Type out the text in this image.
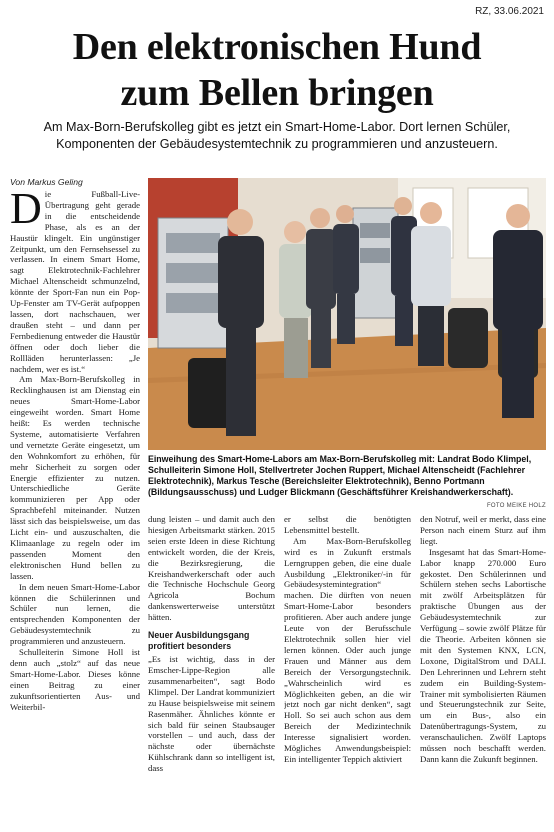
RZ, 33.06.2021
Den elektronischen Hund
zum Bellen bringen
Am Max-Born-Berufskolleg gibt es jetzt ein Smart-Home-Labor. Dort lernen Schüler,
Komponenten der Gebäudesystemtechnik zu programmieren und anzusteuern.
Von Markus Geling

Die Fußball-Live-Übertragung geht gerade in die entscheidende Phase, als es an der Haustür klingelt. Ein ungünstiger Zeitpunkt, um den Fernsehsessel zu verlassen. In einem Smart Home, sagt Elektrotechnik-Fachlehrer Michael Altenscheidt schmunzelnd, könnte der Sport-Fan nun ein Pop-Up-Fenster am TV-Gerät aufpoppen lassen, dort nachschauen, wer draußen steht – und dann per Fernbedienung entweder die Haustür öffnen oder doch lieber die Rollläden herunterlassen: „Je nachdem, wer es ist.“

Am Max-Born-Berufskolleg in Recklinghausen ist am Dienstag ein neues Smart-Home-Labor eingeweiht worden. Smart Home heißt: Es werden technische Systeme, automatisierte Verfahren und vernetzte Geräte eingesetzt, um den Wohnkomfort zu erhöhen, für mehr Sicherheit zu sorgen oder Energie effizienter zu nutzen. Unterschiedliche Geräte kommunizieren per App oder Sprachbefehl miteinander. Nutzen lässt sich das beispielsweise, um das Licht ein- und auszuschalten, die Klimaanlage zu regeln oder im passenden Moment den elektronischen Hund bellen zu lassen.

In dem neuen Smart-Home-Labor können die Schülerinnen und Schüler nun lernen, die entsprechenden Komponenten der Gebäudesystemtechnik zu programmieren und anzusteuern.

Schulleiterin Simone Holl ist denn auch „stolz“ auf das neue Smart-Home-Labor. Dieses könne einen Beitrag zu einer zukunftsorientierten Aus- und Weiterbil-

Einweihung des Smart-Home-Labors am Max-Born-Berufskolleg mit: Landrat Bodo Klimpel, Schulleiterin Simone Holl, Stellvertreter Jochen Ruppert, Michael Altenscheidt (Fachlehrer Elektrotechnik), Markus Tesche (Bereichsleiter Elektrotechnik), Benno Portmann (Bildungsausschuss) und Ludger Blickmann (Geschäftsführer Kreishandwerkerschaft).
FOTO MEIKE HOLZ

dung leisten – und damit auch den hiesigen Arbeitsmarkt stärken. 2015 seien erste Ideen in diese Richtung entwickelt worden, die der Kreis, die Bezirksregierung, die Kreishandwerkerschaft oder auch die Technische Hochschule Georg Agricola Bochum dankenswerterweise unterstützt hätten.

Neuer Ausbildungsgang profitiert besonders

„Es ist wichtig, dass in der Emscher-Lippe-Region alle zusammenarbeiten“, sagt Bodo Klimpel. Der Landrat kommuniziert zu Hause beispielsweise mit seinem Rasenmäher. Ähnliches könnte er sich bald für seinen Staubsauger vorstellen – und auch, dass der nächste oder übernächste Kühlschrank dann so intelligent ist, dass

er selbst die benötigten Lebensmittel bestellt.

Am Max-Born-Berufskolleg wird es in Zukunft erstmals Lerngruppen geben, die eine duale Ausbildung „Elektroniker/-in für Gebäudesystemintegration“ machen. Die dürften von neuen Smart-Home-Labor besonders profitieren. Aber auch andere junge Leute von der Berufsschule Elektrotechnik sollen hier viel lernen können. Oder auch junge Frauen und Männer aus dem Bereich der Versorgungstechnik. „Wahrscheinlich wird es Möglichkeiten geben, an die wir jetzt noch gar nicht denken“, sagt Holl. So sei auch schon aus dem Bereich der Medizintechnik Interesse signalisiert worden. Mögliches Anwendungsbeispiel: Ein intelligenter Teppich aktiviert

den Notruf, weil er merkt, dass eine Person nach einem Sturz auf ihm liegt.

Insgesamt hat das Smart-Home-Labor knapp 270.000 Euro gekostet. Den Schülerinnen und Schülern stehen sechs Labortische mit zwölf Arbeitsplätzen für praktische Übungen aus der Gebäudesystemtechnik zur Verfügung – sowie zwölf Plätze für die Theorie. Arbeiten können sie mit den Systemen KNX, LCN, Loxone, DigitalStrom und DALI. Den Lehrerinnen und Lehrern steht zudem ein Building-System-Trainer mit symbolisierten Räumen und Steuerungstechnik zur Seite, um ein Bus-, also ein Datenübertragungs-System, zu veranschaulichen. Zwölf Laptops müssen noch beschafft werden. Dann kann die Zukunft beginnen.
